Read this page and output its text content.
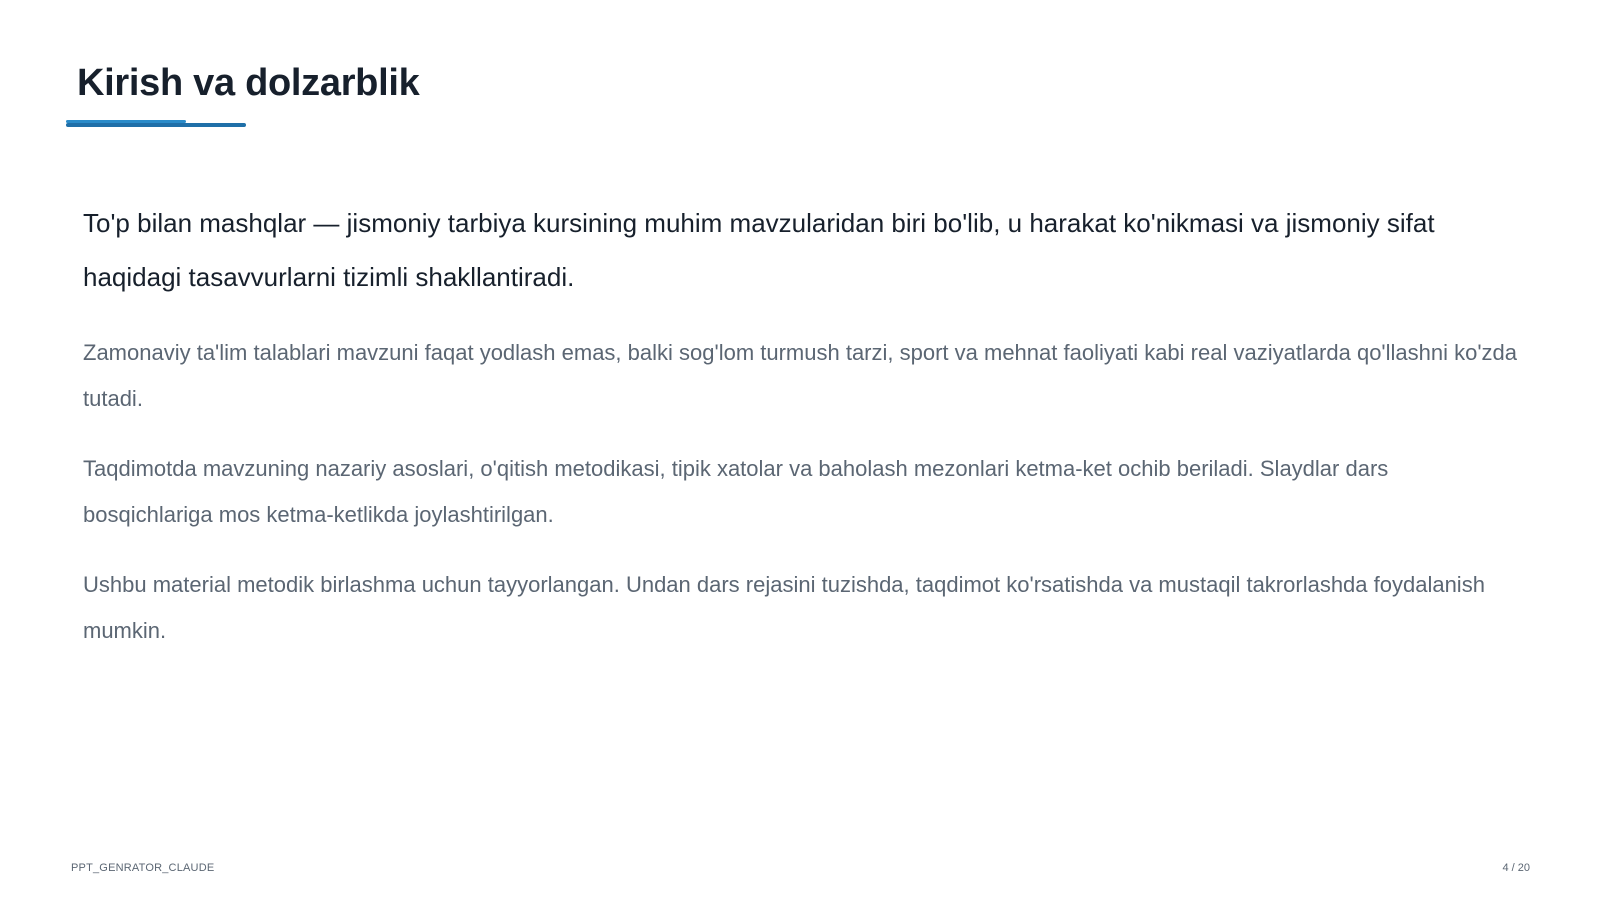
Kirish va dolzarblik

To'p bilan mashqlar — jismoniy tarbiya kursining muhim mavzularidan biri bo'lib, u harakat ko'nikmasi va jismoniy sifat haqidagi tasavvurlarni tizimli shakllantiradi.

Zamonaviy ta'lim talablari mavzuni faqat yodlash emas, balki sog'lom turmush tarzi, sport va mehnat faoliyati kabi real vaziyatlarda qo'llashni ko'zda tutadi.

Taqdimotda mavzuning nazariy asoslari, o'qitish metodikasi, tipik xatolar va baholash mezonlari ketma-ket ochib beriladi. Slaydlar dars bosqichlariga mos ketma-ketlikda joylashtirilgan.

Ushbu material metodik birlashma uchun tayyorlangan. Undan dars rejasini tuzishda, taqdimot ko'rsatishda va mustaqil takrorlashda foydalanish mumkin.

PPT_GENRATOR_CLAUDE	4 / 20
